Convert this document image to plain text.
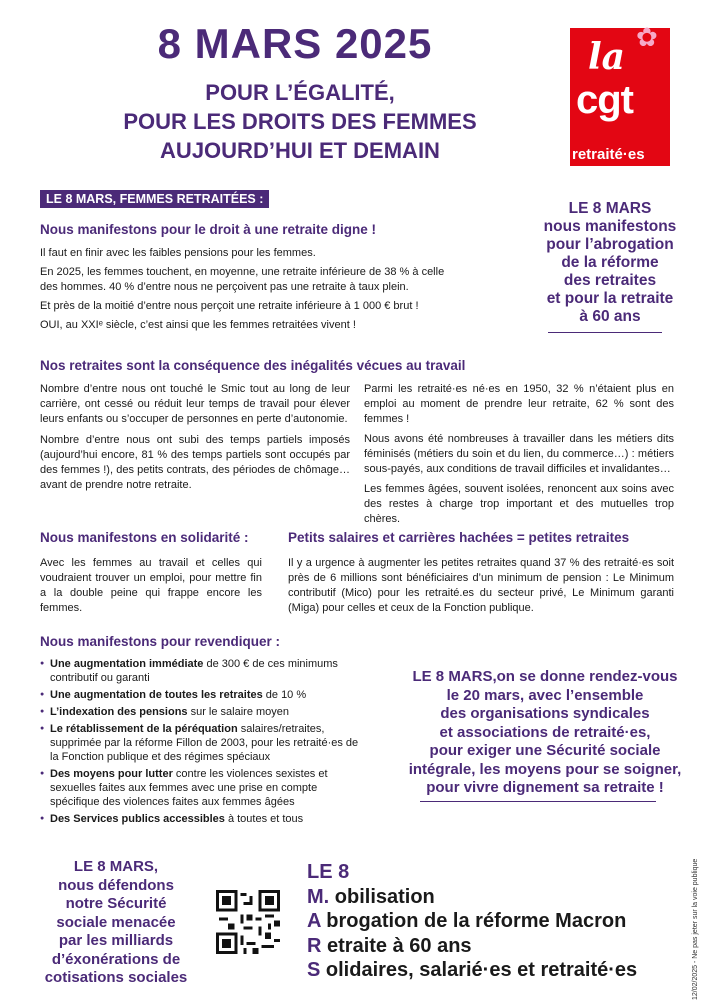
8 MARS 2025
POUR L’ÉGALITÉ,
POUR LES DROITS DES FEMMES
AUJOURD’HUI ET DEMAIN
✿
la
cgt
retraité·es
LE 8 MARS, FEMMES RETRAITÉES :
Nous manifestons pour le droit à une retraite digne !
Il faut en finir avec les faibles pensions pour les femmes.
En 2025, les femmes touchent, en moyenne, une retraite inférieure de 38 % à celle des hommes. 40 % d’entre nous ne perçoivent pas une retraite à taux plein.
Et près de la moitié d’entre nous perçoit une retraite inférieure à 1 000 € brut !
OUI, au XXIᵉ siècle, c’est ainsi que les femmes retraitées vivent !
LE 8 MARS
nous manifestons
pour l’abrogation
de la réforme
des retraites
et pour la retraite
à 60 ans
Nos retraites sont la conséquence des inégalités vécues au travail
Nombre d’entre nous ont touché le Smic tout au long de leur carrière, ont cessé ou réduit leur temps de travail pour élever leurs enfants ou s’occuper de personnes en perte d’autonomie.
Nombre d’entre nous ont subi des temps partiels imposés (aujourd’hui encore, 81 % des temps partiels sont occupés par des femmes !), des petits contrats, des périodes de chômage… avant de prendre notre retraite.
Parmi les retraité·es né·es en 1950, 32 % n’étaient plus en emploi au moment de prendre leur retraite, 62 % sont des femmes !
Nous avons été nombreuses à travailler dans les métiers dits féminisés (métiers du soin et du lien, du commerce…) : métiers sous-payés, aux conditions de travail difficiles et invalidantes…
Les femmes âgées, souvent isolées, renoncent aux soins avec des restes à charge trop important et des mutuelles trop chères.
Nous manifestons en solidarité :
Avec les femmes au travail et celles qui voudraient trouver un emploi, pour mettre fin a la double peine qui frappe encore les femmes.
Petits salaires et carrières hachées = petites retraites
Il y a urgence à augmenter les petites retraites quand 37 % des retraité·es soit près de 6 millions sont bénéficiaires d’un minimum de pension : Le Minimum contributif (Mico) pour les retraité.es du secteur privé, Le Minimum garanti (Miga) pour celles et ceux de la Fonction publique.
Nous manifestons pour revendiquer :
● Une augmentation immédiate de 300 € de ces minimums contributif ou garanti
● Une augmentation de toutes les retraites de 10 %
● L’indexation des pensions sur le salaire moyen
● Le rétablissement de la péréquation salaires/retraites, supprimée par la réforme Fillon de 2003, pour les retraité·es de la Fonction publique et des régimes spéciaux
● Des moyens pour lutter contre les violences sexistes et sexuelles faites aux femmes avec une prise en compte spécifique des violences faites aux femmes âgées
● Des Services publics accessibles à toutes et tous
LE 8 MARS,on se donne rendez-vous
le 20 mars, avec l’ensemble
des organisations syndicales
et associations de retraité·es,
pour exiger une Sécurité sociale
intégrale, les moyens pour se soigner,
pour vivre dignement sa retraite !
LE 8 MARS,
nous défendons
notre Sécurité
sociale menacée
par les milliards
d’éxonérations de
cotisations sociales
LE 8
M. obilisation
A brogation de la réforme Macron
R etraite à 60 ans
S olidaires, salarié·es et retraité·es	12/02/2025 - Ne pas jeter sur la voie publique
